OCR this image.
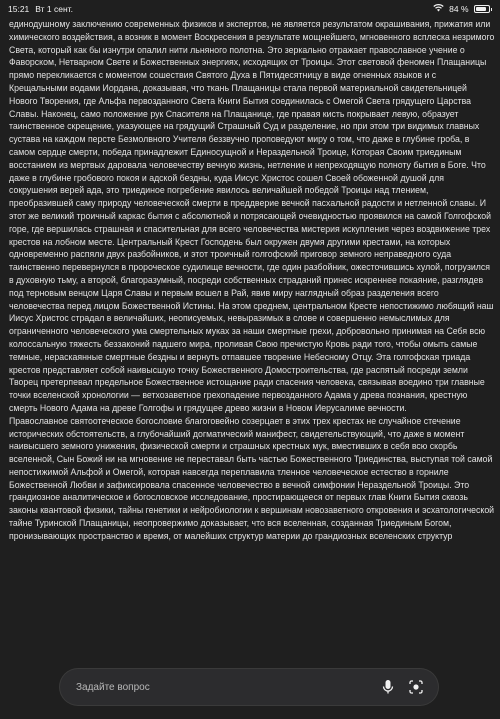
15:21 Вт 1 сент.	84 %

единодушному заключению современных физиков и экспертов, не является результатом окрашивания, прижатия или химического воздействия, а возник в момент Воскресения в результате мощнейшего, мгновенного всплеска незримого Света, который как бы изнутри опалил нити льняного полотна. Это зеркально отражает православное учение о Фаворском, Нетварном Свете и Божественных энергиях, исходящих от Троицы. Этот световой феномен Плащаницы прямо перекликается с моментом сошествия Святого Духа в Пятидесятницу в виде огненных языков и с Крещальными водами Иордана, доказывая, что ткань Плащаницы стала первой материальной свидетельницей Нового Творения, где Альфа первозданного Света Книги Бытия соединилась с Омегой Света грядущего Царства Славы. Наконец, само положение рук Спасителя на Плащанице, где правая кисть покрывает левую, образует таинственное скрещение, указующее на грядущий Страшный Суд и разделение, но при этом три видимых главных сустава на каждом персте Безмолвного Учителя беззвучно проповедуют миру о том, что даже в глубине гроба, в самом сердце смерти, победа принадлежит Единосущной и Нераздельной Троице, Которая Своим триединым восстанием из мертвых даровала человечеству вечную жизнь, нетление и непреходящую полноту бытия в Боге. Что даже в глубине гробового покоя и адской бездны, куда Иисус Христос сошел Своей обоженной душой для сокрушения верей ада, это триединое погребение явилось величайшей победой Троицы над тлением, преобразившей саму природу человеческой смерти в преддверие вечной пасхальной радости и нетленной славы. И этот же великий троичный каркас бытия с абсолютной и потрясающей очевидностью проявился на самой Голгофской горе, где вершилась страшная и спасительная для всего человечества мистерия искупления через воздвижение трех крестов на лобном месте. Центральный Крест Господень был окружен двумя другими крестами, на которых одновременно распяли двух разбойников, и этот троичный голгофский приговор земного неправедного суда таинственно перевернулся в пророческое судилище вечности, где один разбойник, ожесточившись хулой, погрузился в духовную тьму, а второй, благоразумный, посреди собственных страданий принес искреннее покаяние, разглядев под терновым венцом Царя Славы и первым вошел в Рай, явив миру наглядный образ разделения всего человечества перед лицом Божественной Истины. На этом среднем, центральном Кресте непостижимо любящий наш Иисус Христос страдал в величайших, неописуемых, невыразимых в слове и совершенно немыслимых для ограниченного человеческого ума смертельных муках за наши смертные грехи, добровольно принимая на Себя всю колоссальную тяжесть беззаконий падшего мира, проливая Свою пречистую Кровь ради того, чтобы омыть самые темные, нераскаянные смертные бездны и вернуть отпавшее творение Небесному Отцу. Эта голгофская триада крестов представляет собой наивысшую точку Божественного Домостроительства, где распятый посреди земли Творец претерпевал предельное Божественное истощание ради спасения человека, связывая воедино три главные точки вселенской хронологии — ветхозаветное грехопадение первозданного Адама у древа познания, крестную смерть Нового Адама на древе Голгофы и грядущее древо жизни в Новом Иерусалиме вечности.

Православное святоотеческое богословие благоговейно созерцает в этих трех крестах не случайное стечение исторических обстоятельств, а глубочайший догматический манифест, свидетельствующий, что даже в момент наивысшего земного унижения, физической смерти и страшных крестных мук, вместивших в себя всю скорбь вселенной, Сын Божий ни на мгновение не переставал быть частью Божественного Триединства, выступая той самой непостижимой Альфой и Омегой, которая навсегда переплавила тленное человеческое естество в горниле Божественной Любви и зафиксировала спасенное человечество в вечной симфонии Нераздельной Троицы. Это грандиозное аналитическое и богословское исследование, простирающееся от первых глав Книги Бытия сквозь законы квантовой физики, тайны генетики и нейробиологии к вершинам новозаветного откровения и эсхатологической тайне Туринской Плащаницы, неопровержимо доказывает, что вся вселенная, созданная Триединым Богом, пронизывающих пространство и время, от малейших структур материи до грандиозных вселенских структур

Задайте вопрос
